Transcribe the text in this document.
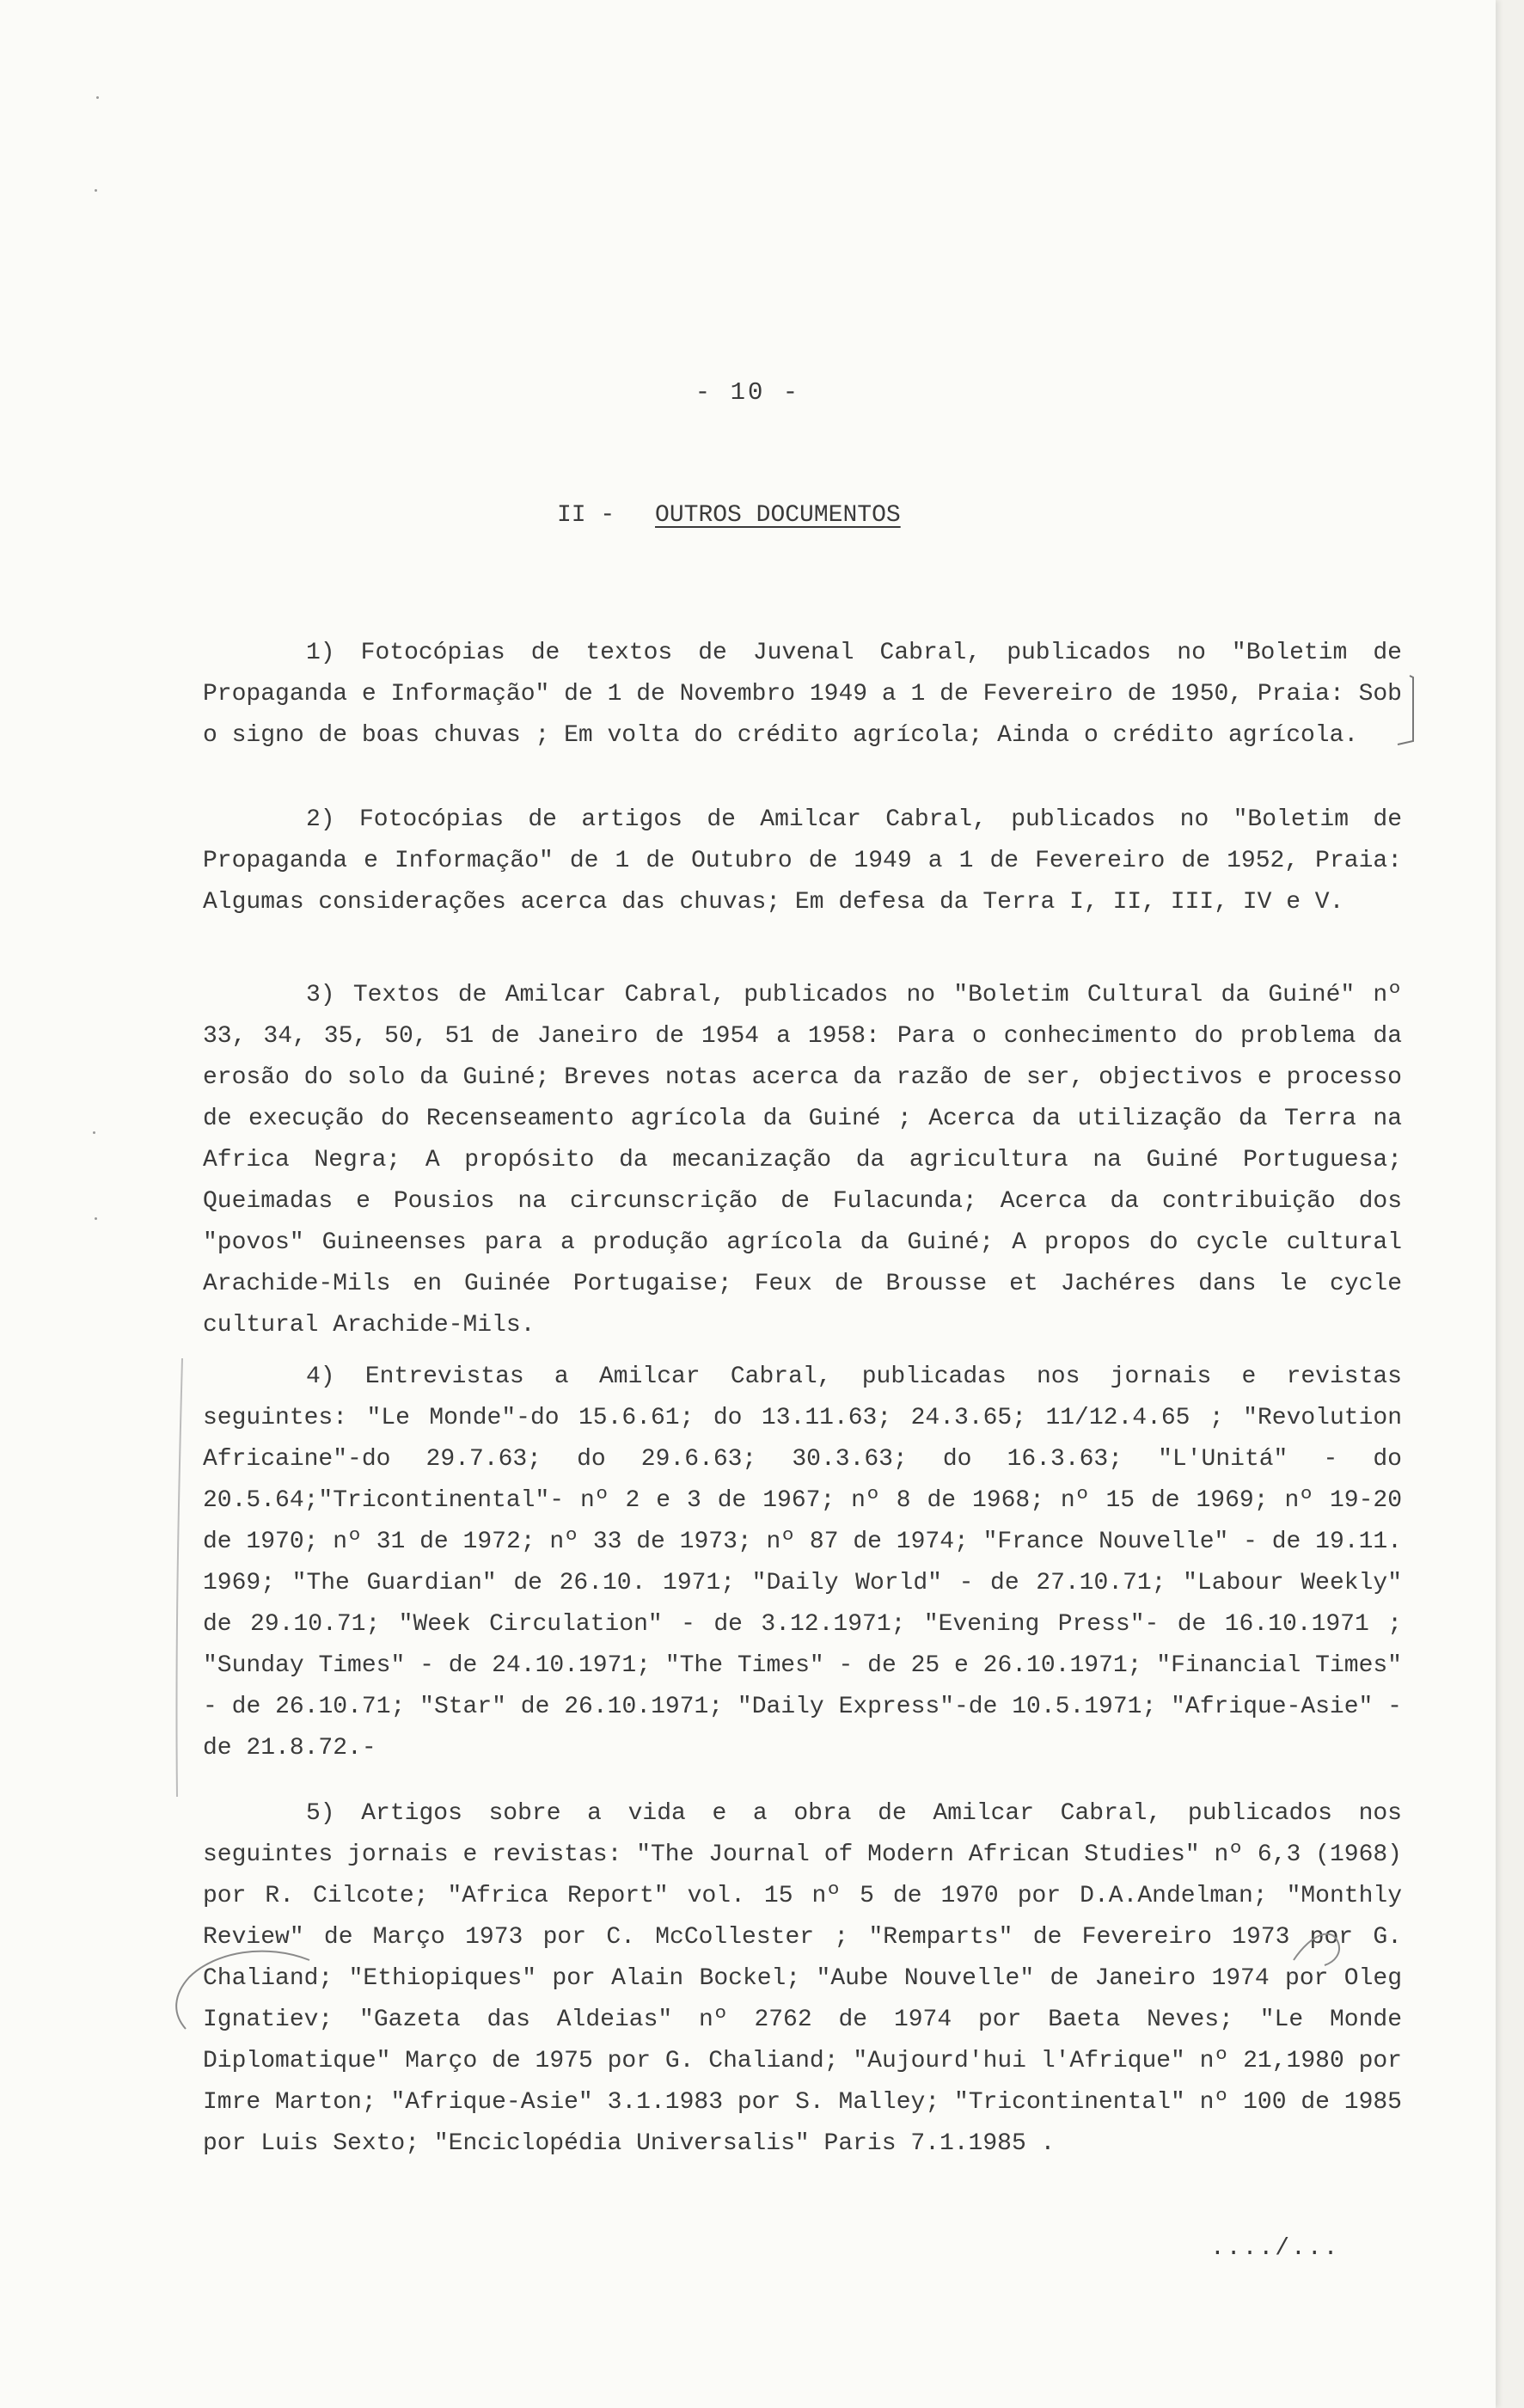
- 10 -
II - OUTROS DOCUMENTOS

1) Fotocópias de textos de Juvenal Cabral, publicados no "Boletim de Propaganda e Informação" de 1 de Novembro 1949 a 1 de Fevereiro de 1950, Praia: Sob o signo de boas chuvas ; Em volta do crédito agrícola; Ainda o crédito agrícola.

2) Fotocópias de artigos de Amilcar Cabral, publicados no "Boletim de Propaganda e Informação" de 1 de Outubro de 1949 a 1 de Fevereiro de 1952, Praia: Algumas considerações acerca das chuvas; Em defesa da Terra I, II, III, IV e V.

3) Textos de Amilcar Cabral, publicados no "Boletim Cultural da Guiné" nº 33, 34, 35, 50, 51 de Janeiro de 1954 a 1958: Para o conhecimento do problema da erosão do solo da Guiné; Breves notas acerca da razão de ser, objectivos e processo de execução do Recenseamento agrícola da Guiné ; Acerca da utilização da Terra na Africa Negra; A propósito da mecanização da agricultura na Guiné Portuguesa; Queimadas e Pousios na circunscrição de Fulacunda; Acerca da contribuição dos "povos" Guineenses para a produção agrícola da Guiné; A propos do cycle cultural Arachide-Mils en Guinée Portugaise; Feux de Brousse et Jachéres dans le cycle cultural Arachide-Mils.

4) Entrevistas a Amilcar Cabral, publicadas nos jornais e revistas seguintes: "Le Monde"-do 15.6.61; do 13.11.63; 24.3.65; 11/12.4.65 ; "Revolution Africaine"-do 29.7.63; do 29.6.63; 30.3.63; do 16.3.63; "L'Unitá" - do 20.5.64;"Tricontinental"- nº 2 e 3 de 1967; nº 8 de 1968; nº 15 de 1969; nº 19-20 de 1970; nº 31 de 1972; nº 33 de 1973; nº 87 de 1974; "France Nouvelle" - de 19.11. 1969; "The Guardian" de 26.10. 1971; "Daily World" - de 27.10.71; "Labour Weekly" de 29.10.71; "Week Circulation" - de 3.12.1971; "Evening Press"- de 16.10.1971 ; "Sunday Times" - de 24.10.1971; "The Times" - de 25 e 26.10.1971; "Financial Times" - de 26.10.71; "Star" de 26.10.1971; "Daily Express"-de 10.5.1971; "Afrique-Asie" - de 21.8.72.-

5) Artigos sobre a vida e a obra de Amilcar Cabral, publicados nos seguintes jornais e revistas: "The Journal of Modern African Studies" nº 6,3 (1968) por R. Cilcote; "Africa Report" vol. 15 nº 5 de 1970 por D.A.Andelman; "Monthly Review" de Março 1973 por C. McCollester ; "Remparts" de Fevereiro 1973 por G. Chaliand; "Ethiopiques" por Alain Bockel; "Aube Nouvelle" de Janeiro 1974 por Oleg Ignatiev; "Gazeta das Aldeias" nº 2762 de 1974 por Baeta Neves; "Le Monde Diplomatique" Março de 1975 por G. Chaliand; "Aujourd'hui l'Afrique" nº 21,1980 por Imre Marton; "Afrique-Asie" 3.1.1983 por S. Malley; "Tricontinental" nº 100 de 1985 por Luis Sexto; "Enciclopédia Universalis" Paris 7.1.1985 .

..../...
